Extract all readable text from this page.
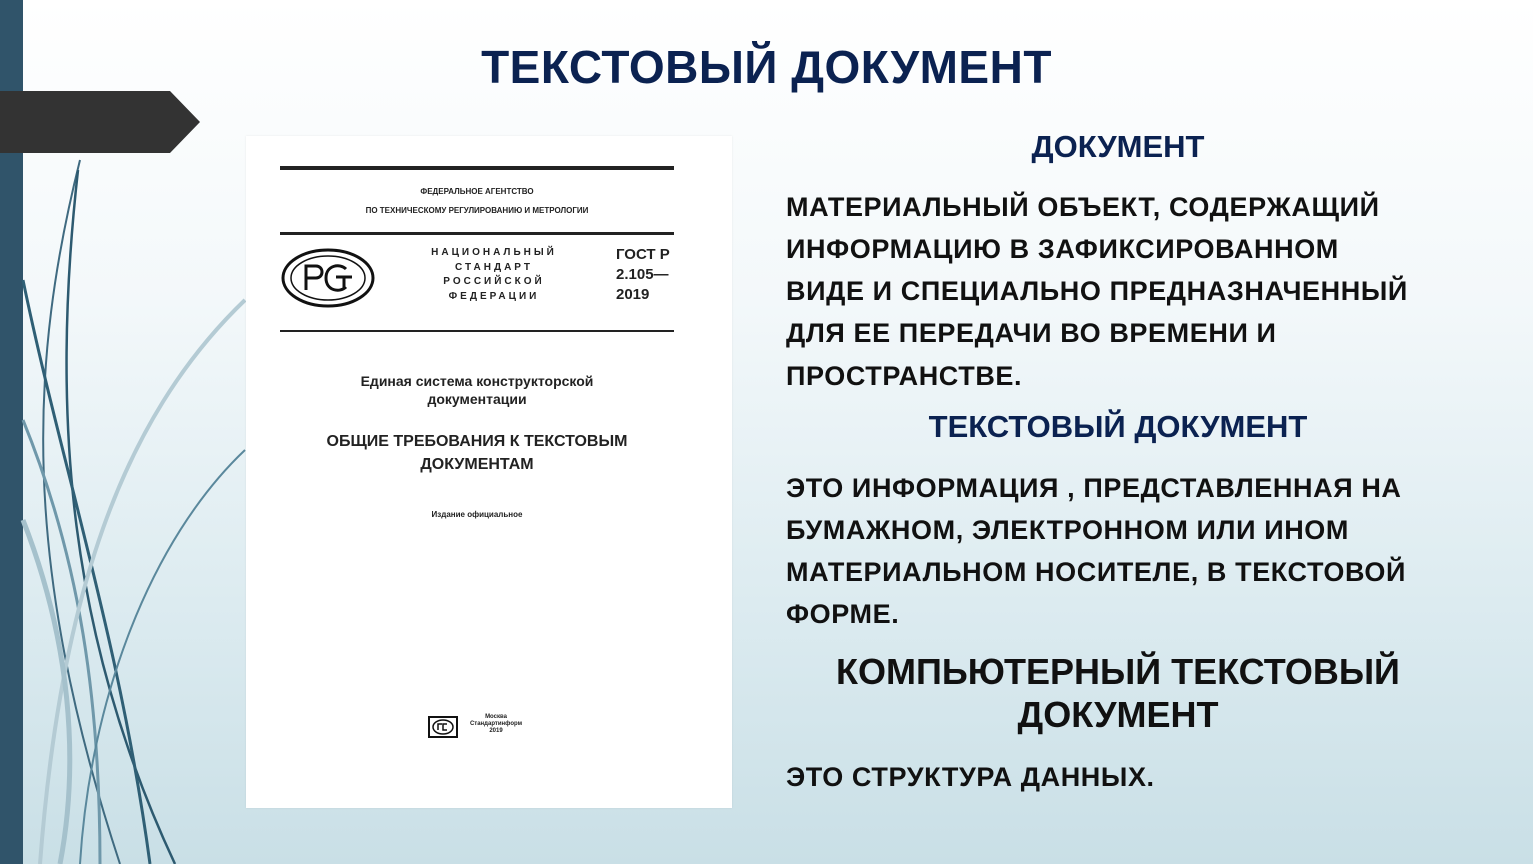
ТЕКСТОВЫЙ ДОКУМЕНТ
ФЕДЕРАЛЬНОЕ АГЕНТСТВО
ПО ТЕХНИЧЕСКОМУ РЕГУЛИРОВАНИЮ И МЕТРОЛОГИИ
НАЦИОНАЛЬНЫЙ
СТАНДАРТ
РОССИЙСКОЙ
ФЕДЕРАЦИИ
ГОСТ Р
2.105—
2019
Единая система конструкторской
документации
ОБЩИЕ ТРЕБОВАНИЯ К ТЕКСТОВЫМ
ДОКУМЕНТАМ
Издание официальное
Москва
Стандартинформ
2019
ДОКУМЕНТ

МАТЕРИАЛЬНЫЙ ОБЪЕКТ, СОДЕРЖАЩИЙ

ИНФОРМАЦИЮ В ЗАФИКСИРОВАННОМ

ВИДЕ И СПЕЦИАЛЬНО ПРЕДНАЗНАЧЕННЫЙ

ДЛЯ ЕЕ ПЕРЕДАЧИ ВО ВРЕМЕНИ И

ПРОСТРАНСТВЕ.

ТЕКСТОВЫЙ ДОКУМЕНТ

ЭТО ИНФОРМАЦИЯ , ПРЕДСТАВЛЕННАЯ НА

БУМАЖНОМ, ЭЛЕКТРОННОМ ИЛИ ИНОМ

МАТЕРИАЛЬНОМ НОСИТЕЛЕ, В ТЕКСТОВОЙ

ФОРМЕ.

КОМПЬЮТЕРНЫЙ ТЕКСТОВЫЙ

ДОКУМЕНТ

ЭТО СТРУКТУРА ДАННЫХ.
